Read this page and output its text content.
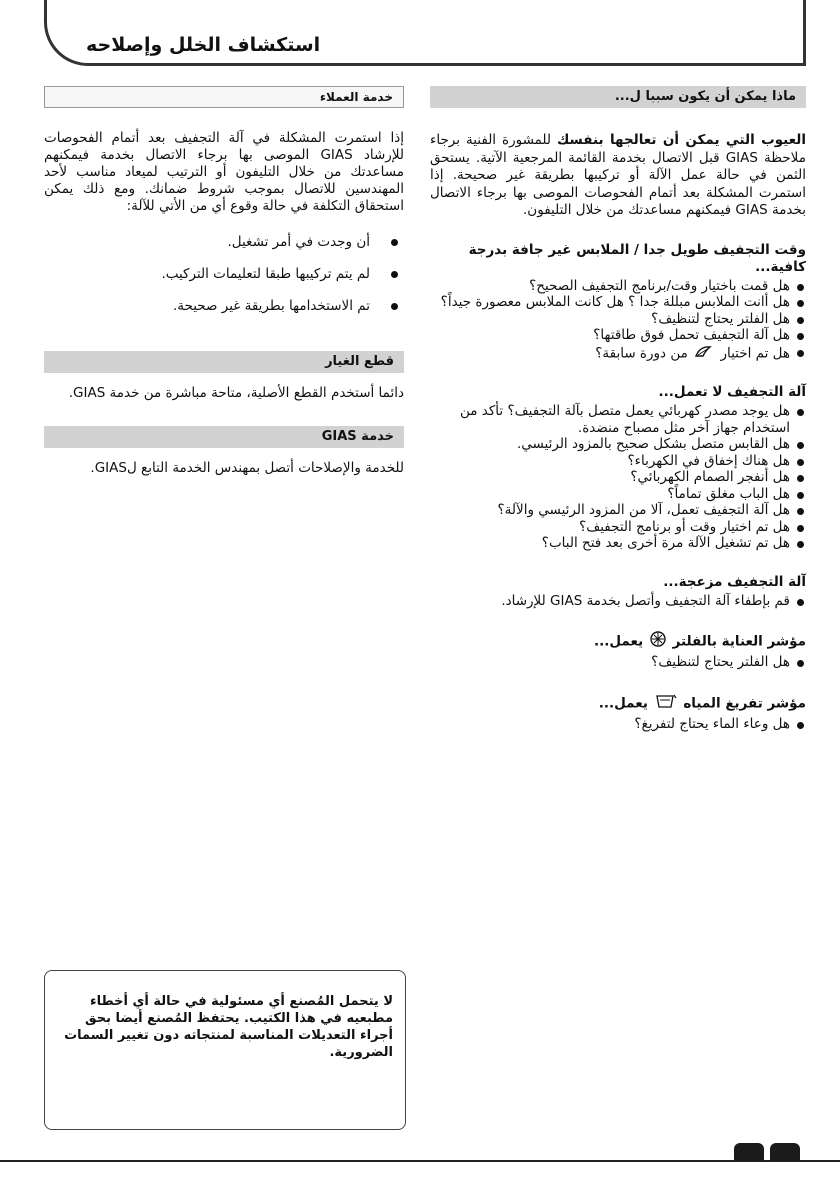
استكشاف الخلل وإصلاحه
ماذا يمكن أن يكون سببا ل...

العيوب التي يمكن أن تعالجها بنفسك للمشورة الفنية برجاء ملاحظة GIAS قبل الاتصال بخدمة القائمة المرجعية الآتية. يستحق الثمن في حالة عمل الآلة أو تركيبها بطريقة غير صحيحة. إذا استمرت المشكلة بعد أتمام الفحوصات الموصى بها برجاء الاتصال بخدمة GIAS فيمكنهم مساعدتك من خلال التليفون.

وقت التجفيف طويل جدا / الملابس غير جافة بدرجة كافية...
هل قمت باختيار وقت/برنامج التجفيف الصحيح؟
هل أانت الملابس مبللة جدا ؟ هل كانت الملابس معصورة جيداً؟
هل الفلتر يحتاج لتنظيف؟
هل آلة التجفيف تحمل فوق طاقتها؟
هل تم اختيار  من دورة سابقة؟
آلة التجفيف لا تعمل...
هل يوجد مصدر كهربائي يعمل متصل بآلة التجفيف؟ تأكد من استخدام جهاز آخر مثل مصباح منضدة.
هل القابس متصل بشكل صحيح بالمزود الرئيسي.
هل هناك إخفاق في الكهرباء؟
هل أنفجر الصمام الكهربائي؟
هل الباب مغلق تماماً؟
هل آلة التجفيف تعمل، آلا من المزود الرئيسي والآلة؟
هل تم اختيار وقت أو برنامج التجفيف؟
هل تم تشغيل الآلة مرة أخرى بعد فتح الباب؟
آلة التجفيف مزعجة...
قم بإطفاء آلة التجفيف وأتصل بخدمة GIAS للإرشاد.
مؤشر العناية بالفلتر  يعمل...
هل الفلتر يحتاج لتنظيف؟
مؤشر تفريغ المياه  يعمل...
هل وعاء الماء يحتاج لتفريغ؟
خدمة العملاء

إذا استمرت المشكلة في آلة التجفيف بعد أتمام الفحوصات للإرشاد GIAS الموصى بها برجاء الاتصال بخدمة فيمكنهم مساعدتك من خلال التليفون أو الترتيب لميعاد مناسب لأحد المهندسين للاتصال بموجب شروط ضمانك. ومع ذلك يمكن استحقاق التكلفة في حالة وقوع أي من الأتي للآلة:

أن وجدت في أمر تشغيل.
لم يتم تركيبها طبقا لتعليمات التركيب.
تم الاستخدامها بطريقة غير صحيحة.
قطع الغيار

دائما أستخدم القطع الأصلية، متاحة مباشرة من خدمة GIAS.

خدمة GIAS

للخدمة والإصلاحات أتصل بمهندس الخدمة التابع لGIAS.

لا يتحمل المُصنع أي مسئولية في حالة أي أخطاء مطبعيه في هذا الكتيب. يحتفظ المُصنع أيضا بحق أجراء التعديلات المناسبة لمنتجاته دون تغيير السمات الضرورية.
